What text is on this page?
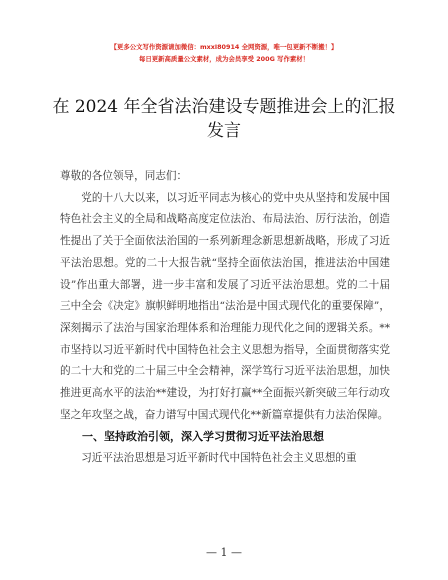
【更多公文写作资源请加微信：mxxl80914 全网资源，唯一包更新不断搬！】
每日更新高质量公文素材，成为会员享受 200G 写作素材！
在 2024 年全省法治建设专题推进会上的汇报发言

尊敬的各位领导，同志们：

党的十八大以来，以习近平同志为核心的党中央从坚持和发展中国特色社会主义的全局和战略高度定位法治、布局法治、厉行法治，创造性提出了关于全面依法治国的一系列新理念新思想新战略，形成了习近平法治思想。党的二十大报告就“坚持全面依法治国，推进法治中国建设”作出重大部署，进一步丰富和发展了习近平法治思想。党的二十届三中全会《决定》旗帜鲜明地指出“法治是中国式现代化的重要保障”，深刻揭示了法治与国家治理体系和治理能力现代化之间的逻辑关系。**市坚持以习近平新时代中国特色社会主义思想为指导，全面贯彻落实党的二十大和党的二十届三中全会精神，深学笃行习近平法治思想，加快推进更高水平的法治**建设，为打好打赢**全面振兴新突破三年行动攻坚之年攻坚之战，奋力谱写中国式现代化**新篇章提供有力法治保障。

一、坚持政治引领，深入学习贯彻习近平法治思想

习近平法治思想是习近平新时代中国特色社会主义思想的重

— 1 —
